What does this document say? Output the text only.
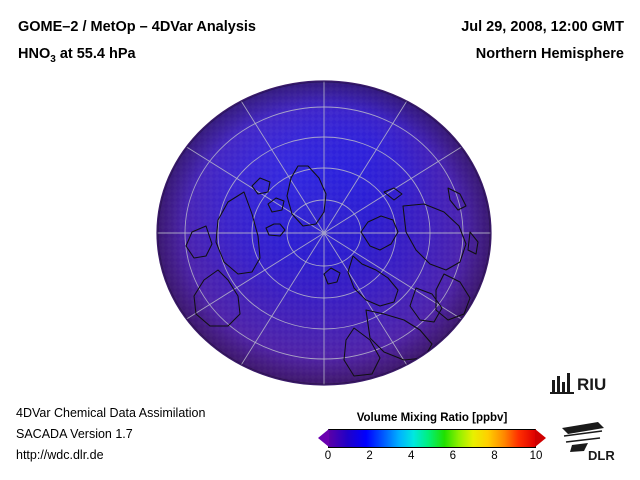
GOME–2 / MetOp – 4DVar Analysis
$HNO_3$ at 55.4 hPa
Jul 29, 2008, 12:00 GMT
Northern Hemisphere
4DVar Chemical Data Assimilation
SACADA Version 1.7
http://wdc.dlr.de
Volume Mixing Ratio [ppbv]
0	2	4	6	8	10
RIU
DLR
